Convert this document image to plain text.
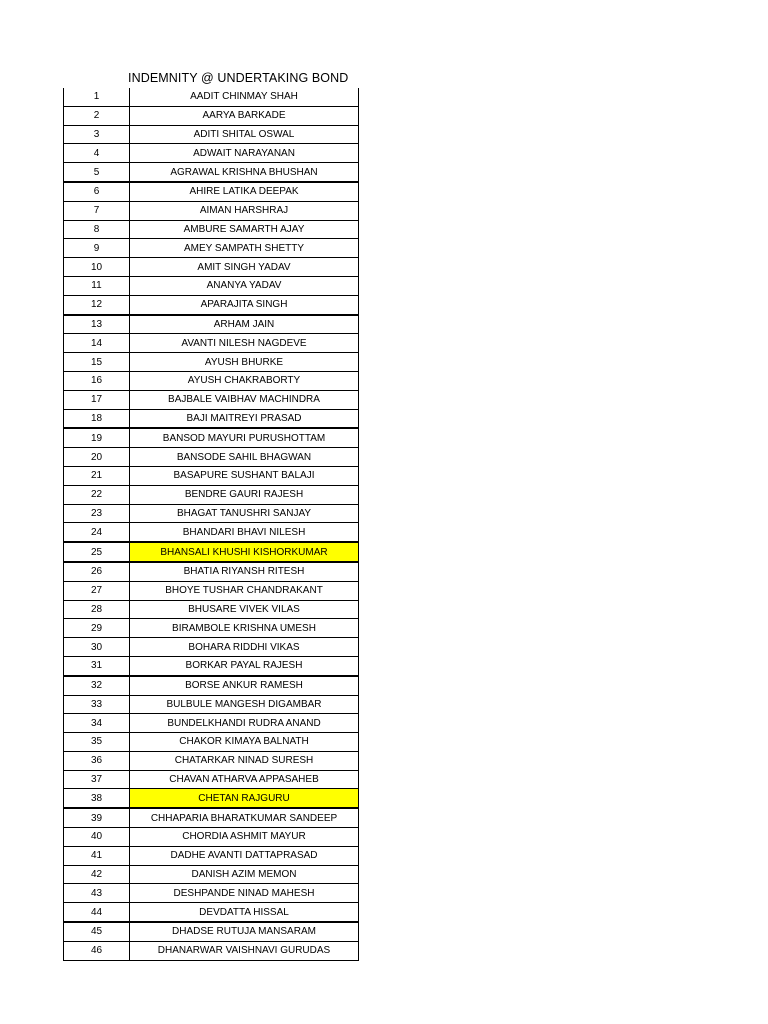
INDEMNITY @ UNDERTAKING BOND
1	AADIT CHINMAY SHAH
2	AARYA BARKADE
3	ADITI SHITAL OSWAL
4	ADWAIT NARAYANAN
5	AGRAWAL KRISHNA BHUSHAN
6	AHIRE LATIKA DEEPAK
7	AIMAN HARSHRAJ
8	AMBURE SAMARTH AJAY
9	AMEY SAMPATH SHETTY
10	AMIT SINGH YADAV
11	ANANYA YADAV
12	APARAJITA SINGH
13	ARHAM JAIN
14	AVANTI NILESH NAGDEVE
15	AYUSH BHURKE
16	AYUSH CHAKRABORTY
17	BAJBALE VAIBHAV MACHINDRA
18	BAJI MAITREYI PRASAD
19	BANSOD MAYURI PURUSHOTTAM
20	BANSODE SAHIL BHAGWAN
21	BASAPURE SUSHANT BALAJI
22	BENDRE GAURI RAJESH
23	BHAGAT TANUSHRI SANJAY
24	BHANDARI BHAVI NILESH
25	BHANSALI KHUSHI KISHORKUMAR
26	BHATIA RIYANSH RITESH
27	BHOYE TUSHAR CHANDRAKANT
28	BHUSARE VIVEK VILAS
29	BIRAMBOLE KRISHNA UMESH
30	BOHARA RIDDHI VIKAS
31	BORKAR PAYAL RAJESH
32	BORSE ANKUR RAMESH
33	BULBULE MANGESH DIGAMBAR
34	BUNDELKHANDI RUDRA ANAND
35	CHAKOR KIMAYA BALNATH
36	CHATARKAR NINAD SURESH
37	CHAVAN ATHARVA APPASAHEB
38	CHETAN RAJGURU
39	CHHAPARIA BHARATKUMAR SANDEEP
40	CHORDIA ASHMIT MAYUR
41	DADHE AVANTI DATTAPRASAD
42	DANISH AZIM MEMON
43	DESHPANDE NINAD MAHESH
44	DEVDATTA HISSAL
45	DHADSE RUTUJA MANSARAM
46	DHANARWAR VAISHNAVI GURUDAS
